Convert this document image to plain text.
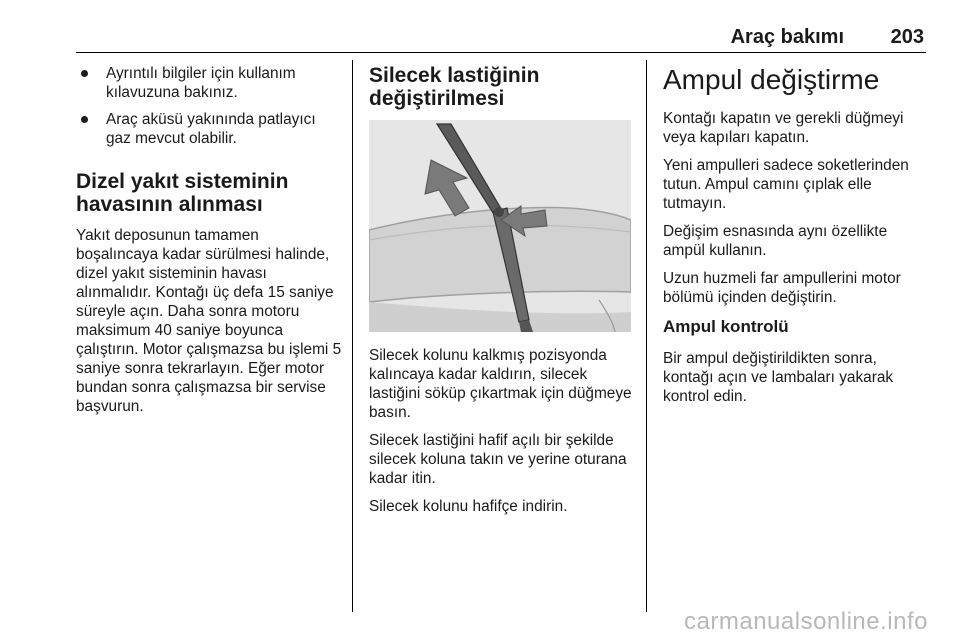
Araç bakımı 203
Ayrıntılı bilgiler için kullanım kılavuzuna bakınız.
Araç aküsü yakınında patlayıcı gaz mevcut olabilir.
Dizel yakıt sisteminin havasının alınması

Yakıt deposunun tamamen boşalıncaya kadar sürülmesi halinde, dizel yakıt sisteminin havası alınmalıdır. Kontağı üç defa 15 saniye süreyle açın. Daha sonra motoru maksimum 40 saniye boyunca çalıştırın. Motor çalışmazsa bu işlemi 5 saniye sonra tekrarlayın. Eğer motor bundan sonra çalışmazsa bir servise başvurun.

Silecek lastiğinin değiştirilmesi

Silecek kolunu kalkmış pozisyonda kalıncaya kadar kaldırın, silecek lastiğini söküp çıkartmak için düğmeye basın.

Silecek lastiğini hafif açılı bir şekilde silecek koluna takın ve yerine oturana kadar itin.

Silecek kolunu hafifçe indirin.

Ampul değiştirme

Kontağı kapatın ve gerekli düğmeyi veya kapıları kapatın.

Yeni ampulleri sadece soketlerinden tutun. Ampul camını çıplak elle tutmayın.

Değişim esnasında aynı özellikte ampül kullanın.

Uzun huzmeli far ampullerini motor bölümü içinden değiştirin.

Ampul kontrolü

Bir ampul değiştirildikten sonra, kontağı açın ve lambaları yakarak kontrol edin.

carmanualsonline.info
